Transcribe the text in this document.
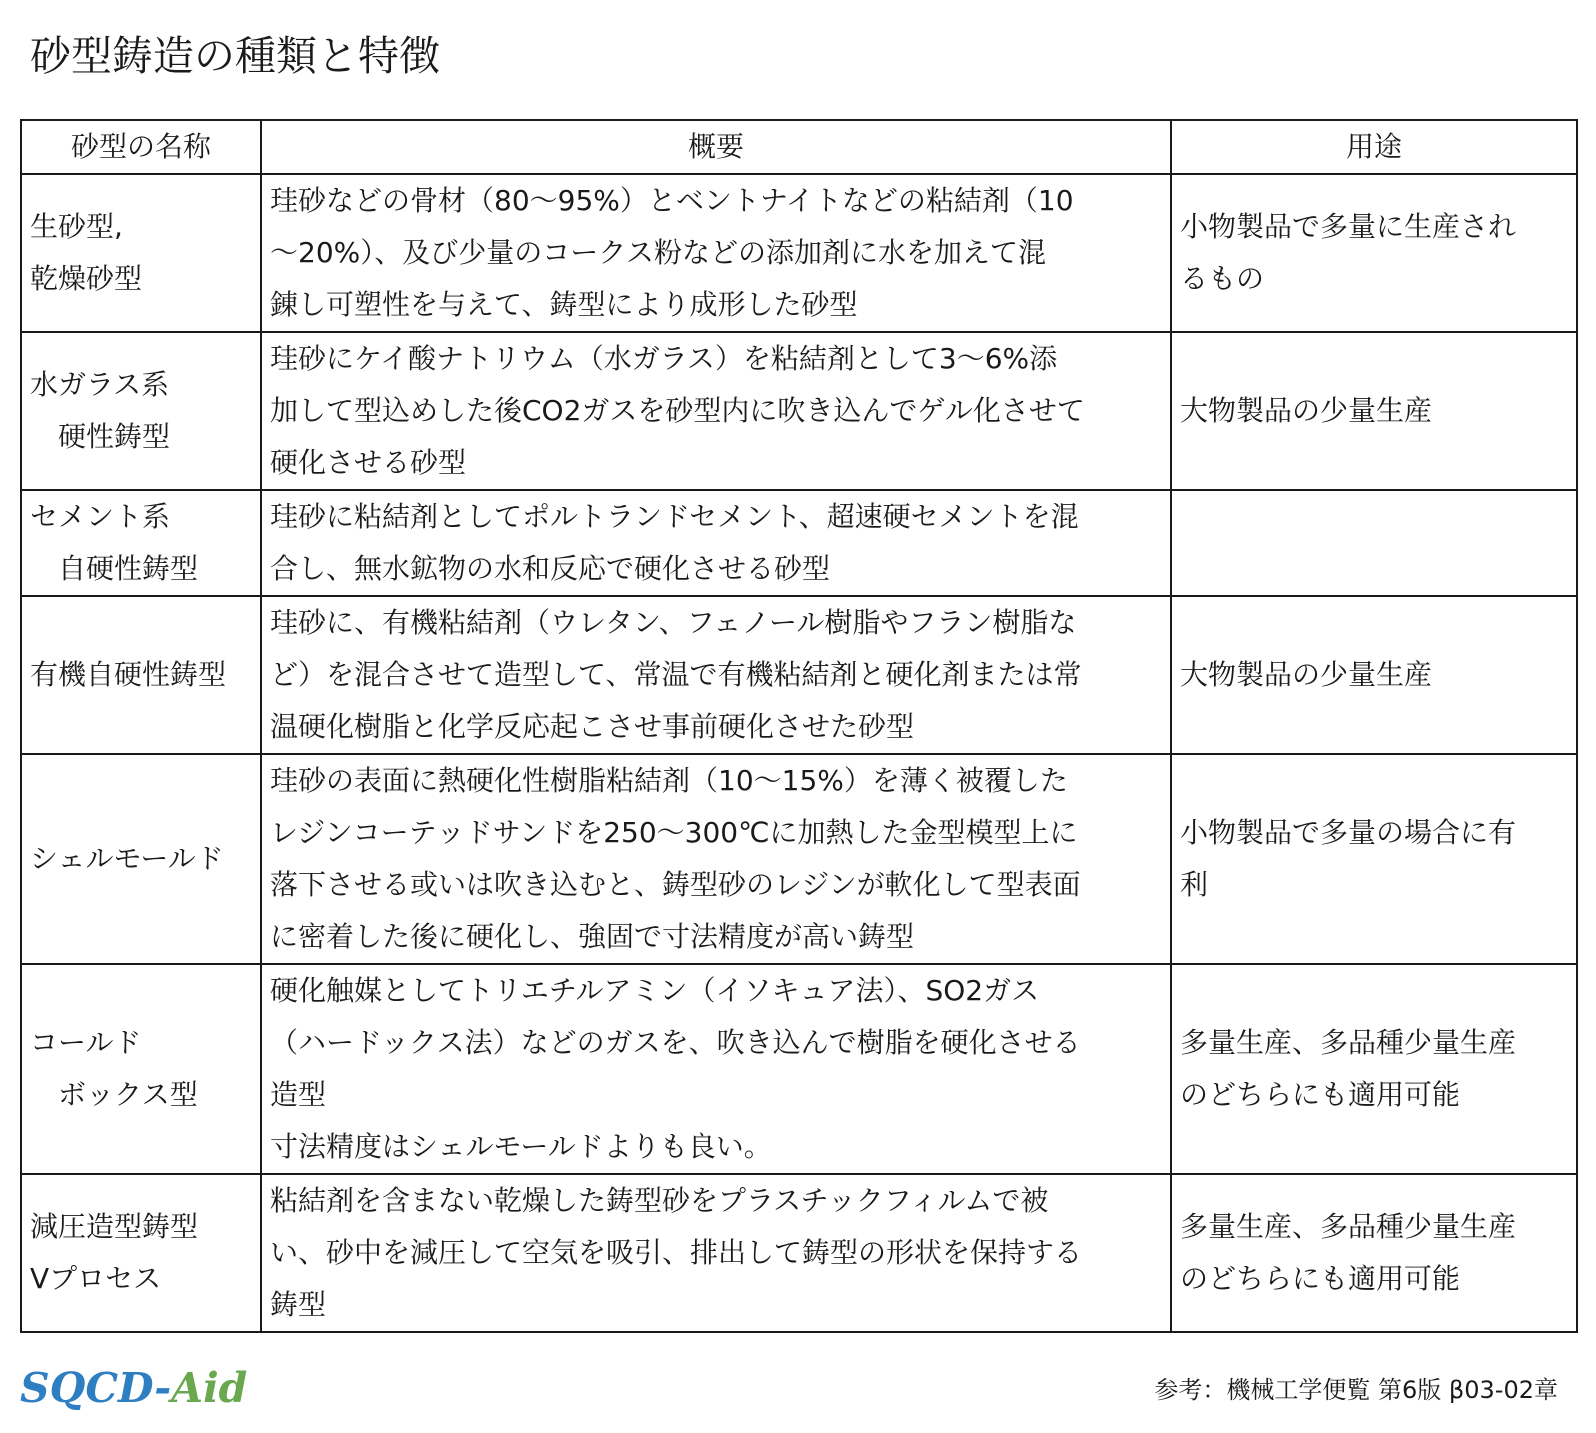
砂型鋳造の種類と特徴
砂型の名称	概要	用途

生砂型,
乾燥砂型	珪砂などの骨材（80～95%）とベントナイトなどの粘結剤（10
～20%）、及び少量のコークス粉などの添加剤に水を加えて混
錬し可塑性を与えて、鋳型により成形した砂型	小物製品で多量に生産され
るもの

水ガラス系
　硬性鋳型	珪砂にケイ酸ナトリウム（水ガラス）を粘結剤として3～6%添
加して型込めした後CO2ガスを砂型内に吹き込んでゲル化させて
硬化させる砂型	大物製品の少量生産

セメント系
　自硬性鋳型	珪砂に粘結剤としてポルトランドセメント、超速硬セメントを混
合し、無水鉱物の水和反応で硬化させる砂型	

有機自硬性鋳型	珪砂に、有機粘結剤（ウレタン、フェノール樹脂やフラン樹脂な
ど）を混合させて造型して、常温で有機粘結剤と硬化剤または常
温硬化樹脂と化学反応起こさせ事前硬化させた砂型	大物製品の少量生産

シェルモールド	珪砂の表面に熱硬化性樹脂粘結剤（10～15%）を薄く被覆した
レジンコーテッドサンドを250～300℃に加熱した金型模型上に
落下させる或いは吹き込むと、鋳型砂のレジンが軟化して型表面
に密着した後に硬化し、強固で寸法精度が高い鋳型	小物製品で多量の場合に有
利

コールド
　ボックス型	硬化触媒としてトリエチルアミン（イソキュア法）、SO2ガス
（ハードックス法）などのガスを、吹き込んで樹脂を硬化させる
造型
寸法精度はシェルモールドよりも良い。	多量生産、多品種少量生産
のどちらにも適用可能

減圧造型鋳型
Vプロセス	粘結剤を含まない乾燥した鋳型砂をプラスチックフィルムで被
い、砂中を減圧して空気を吸引、排出して鋳型の形状を保持する
鋳型	多量生産、多品種少量生産
のどちらにも適用可能
SQCD-Aid	参考：機械工学便覧 第6版 β03-02章
